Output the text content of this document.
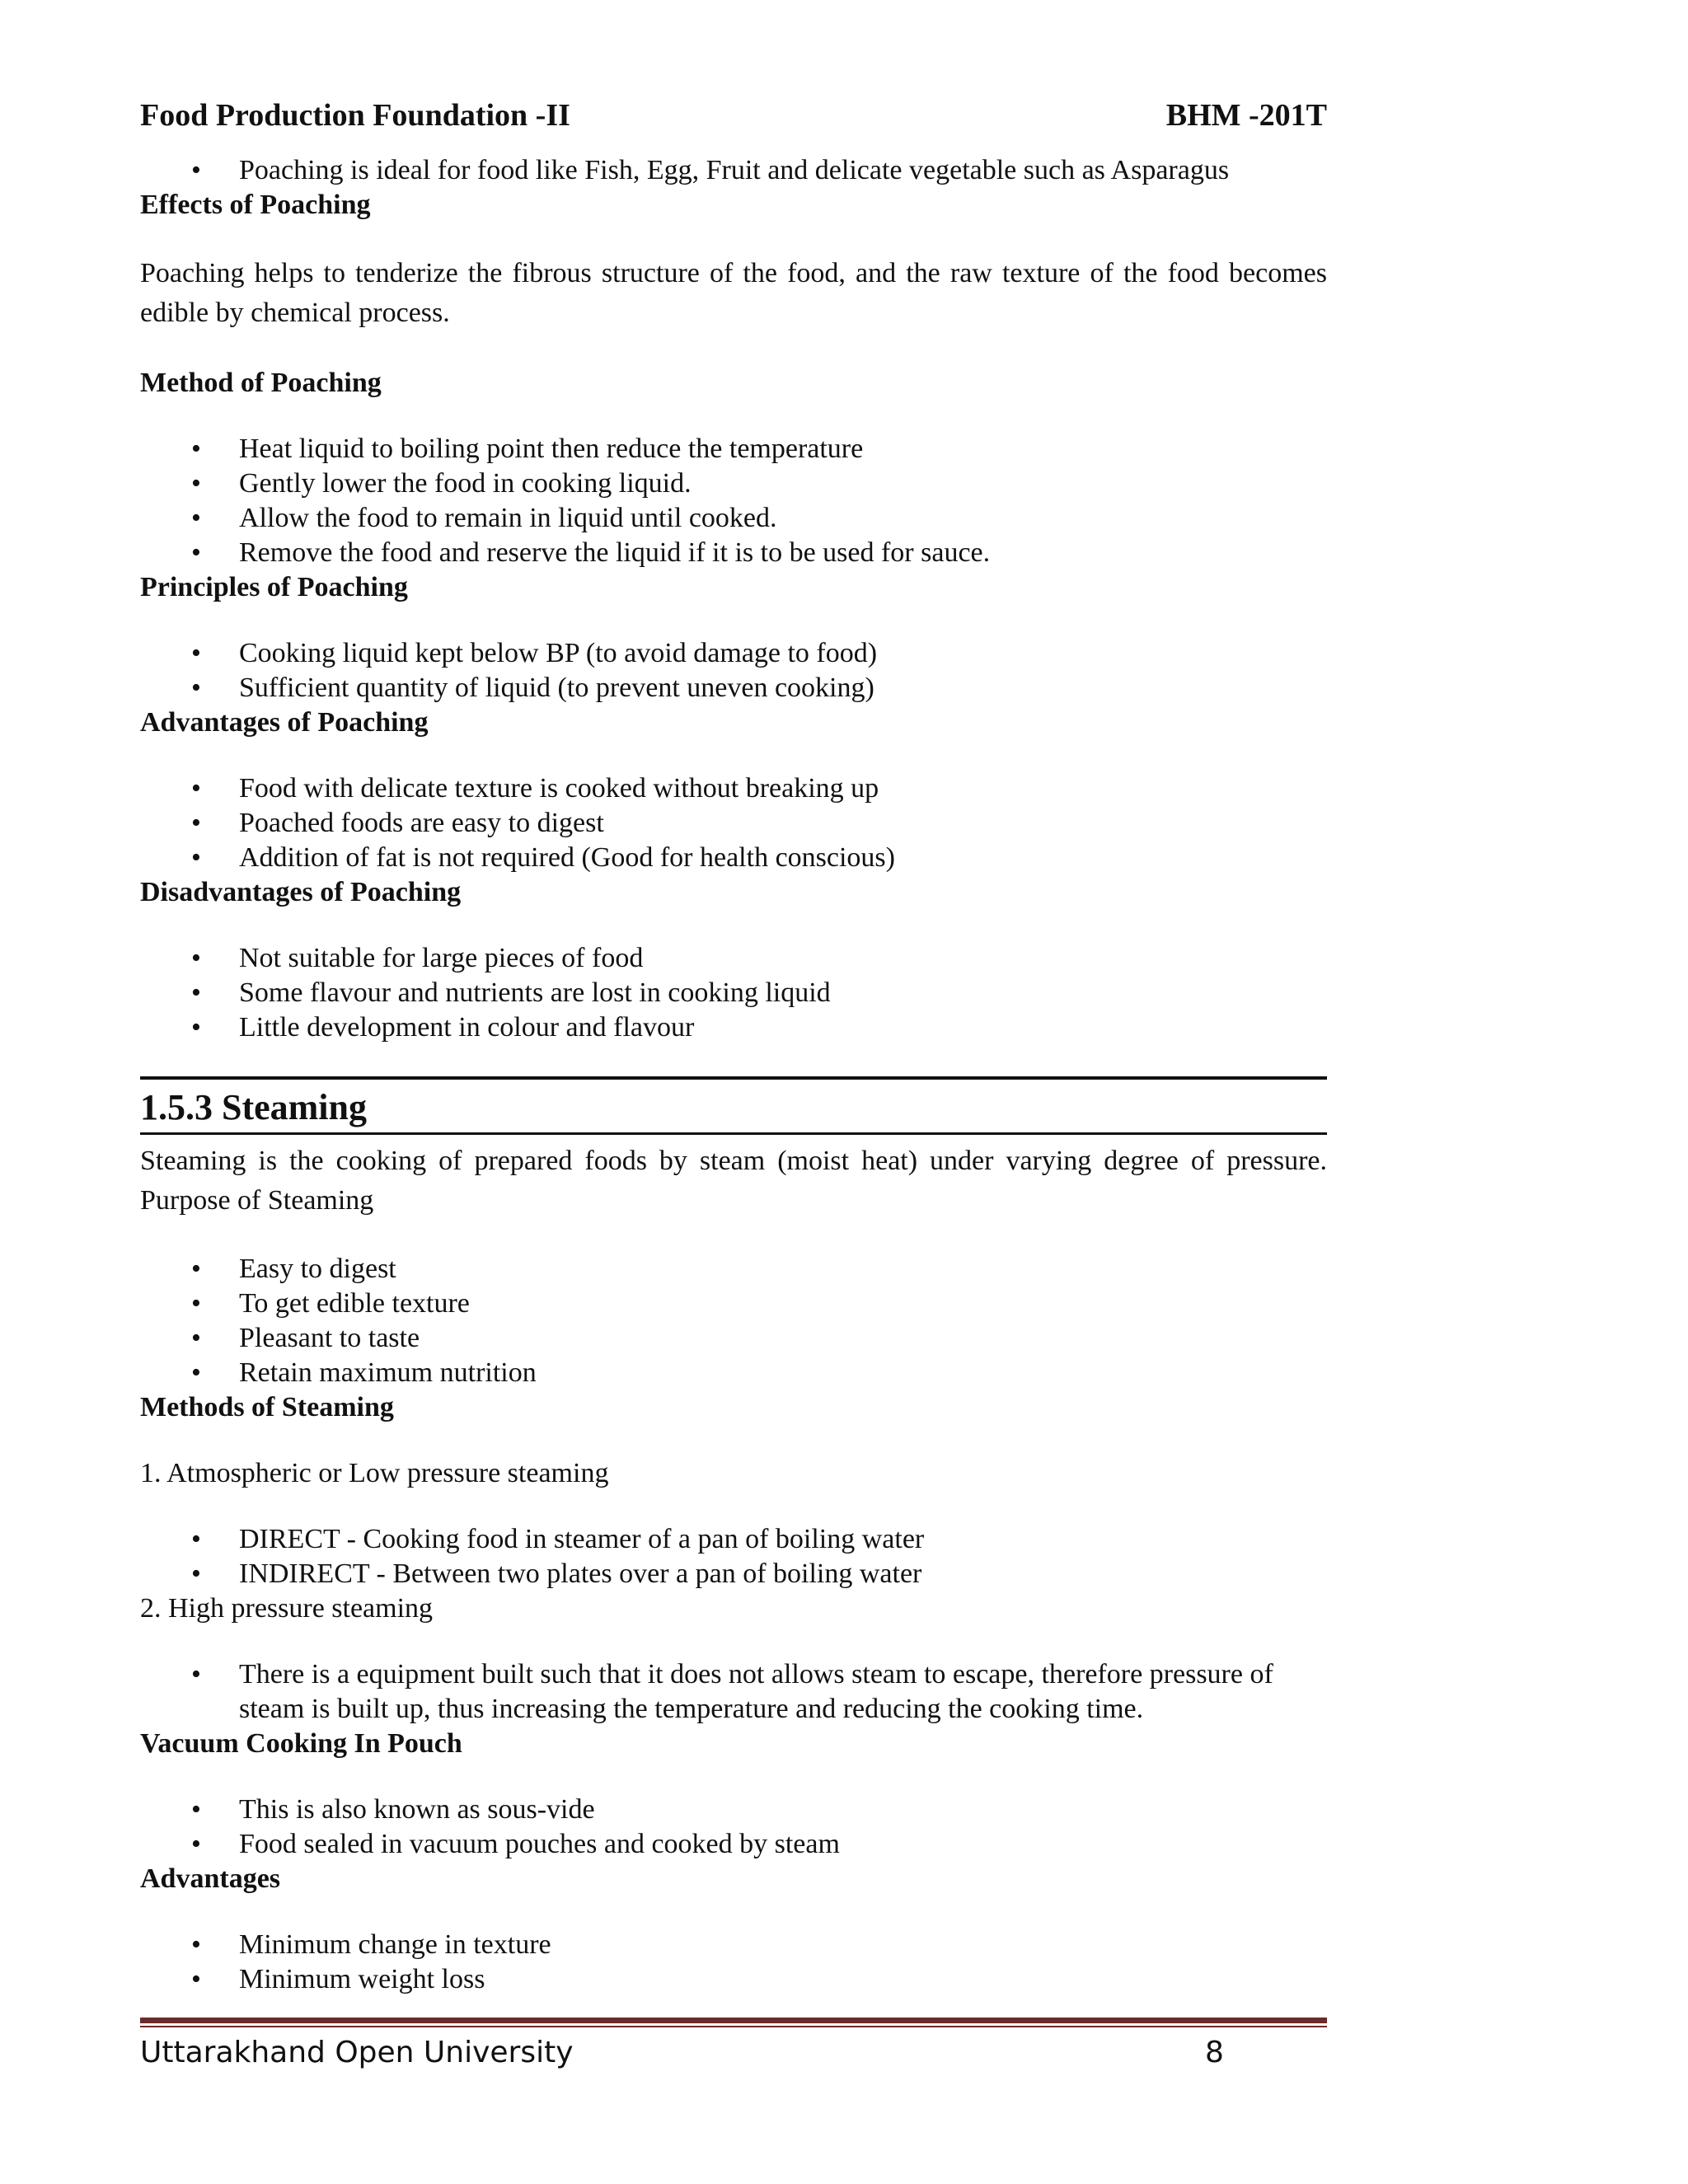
Food Production Foundation -II	BHM -201T
• Poaching is ideal for food like Fish, Egg, Fruit and delicate vegetable such as Asparagus

Effects of Poaching

Poaching helps to tenderize the fibrous structure of the food, and the raw texture of the food becomes edible by chemical process.

Method of Poaching

• Heat liquid to boiling point then reduce the temperature
• Gently lower the food in cooking liquid.
• Allow the food to remain in liquid until cooked.
• Remove the food and reserve the liquid if it is to be used for sauce.

Principles of Poaching

• Cooking liquid kept below BP (to avoid damage to food)
• Sufficient quantity of liquid (to prevent uneven cooking)

Advantages of Poaching

• Food with delicate texture is cooked without breaking up
• Poached foods are easy to digest
• Addition of fat is not required (Good for health conscious)

Disadvantages of Poaching

• Not suitable for large pieces of food
• Some flavour and nutrients are lost in cooking liquid
• Little development in colour and flavour

1.5.3 Steaming

Steaming is the cooking of prepared foods by steam (moist heat) under varying degree of pressure. Purpose of Steaming

• Easy to digest
• To get edible texture
• Pleasant to taste
• Retain maximum nutrition

Methods of Steaming

1. Atmospheric or Low pressure steaming

• DIRECT - Cooking food in steamer of a pan of boiling water
• INDIRECT - Between two plates over a pan of boiling water

2. High pressure steaming

• There is a equipment built such that it does not allows steam to escape, therefore pressure of steam is built up, thus increasing the temperature and reducing the cooking time.

Vacuum Cooking In Pouch

• This is also known as sous-vide
• Food sealed in vacuum pouches and cooked by steam

Advantages

• Minimum change in texture
• Minimum weight loss
Uttarakhand Open University	8
